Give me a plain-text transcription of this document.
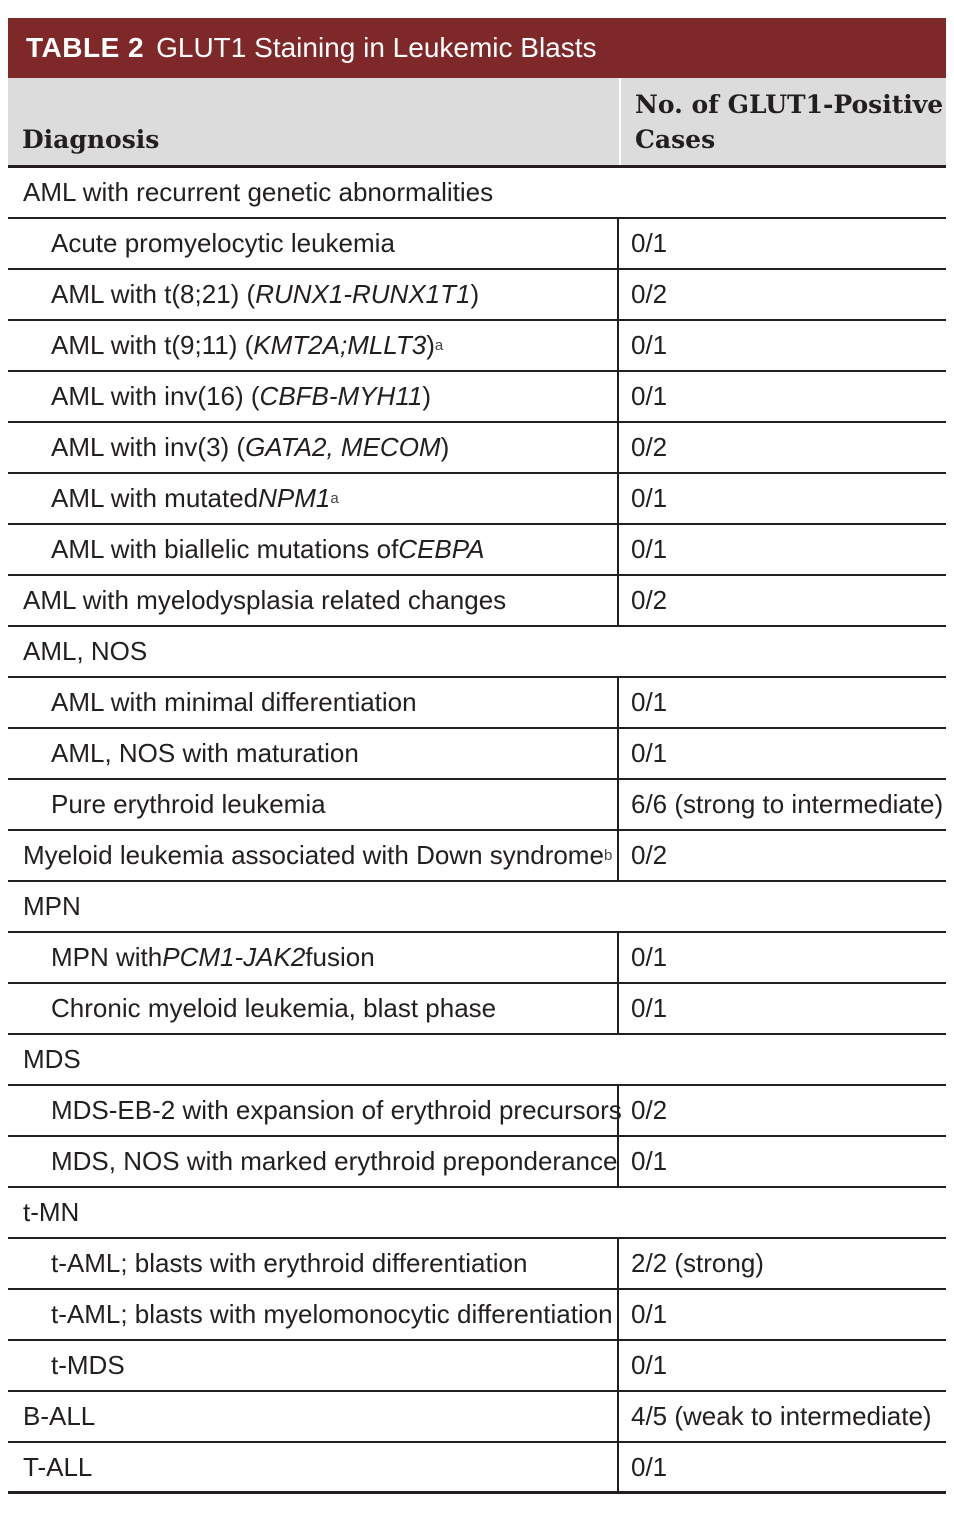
TABLE 2 GLUT1 Staining in Leukemic Blasts
Diagnosis
No. of GLUT1-Positive
Cases
AML with recurrent genetic abnormalities
Acute promyelocytic leukemia	0/1
AML with t(8;21) ( RUNX1-RUNX1T1 )	0/2
AML with t(9;11) ( KMT2A;MLLT3 ) a	0/1
AML with inv(16) ( CBFB-MYH11 )	0/1
AML with inv(3) ( GATA2, MECOM )	0/2
AML with mutated NPM1 a	0/1
AML with biallelic mutations of CEBPA	0/1
AML with myelodysplasia related changes	0/2
AML, NOS
AML with minimal differentiation	0/1
AML, NOS with maturation	0/1
Pure erythroid leukemia	6/6 (strong to intermediate)
Myeloid leukemia associated with Down syndrome b 0/2
MPN
MPN with PCM1-JAK2 fusion	0/1
Chronic myeloid leukemia, blast phase	0/1
MDS
MDS-EB-2 with expansion of erythroid precursors 0/2
MDS, NOS with marked erythroid preponderance 0/1
t-MN
t-AML; blasts with erythroid differentiation	2/2 (strong)
t-AML; blasts with myelomonocytic differentiation 0/1
t-MDS	0/1
B-ALL	4/5 (weak to intermediate)
T-ALL	0/1
